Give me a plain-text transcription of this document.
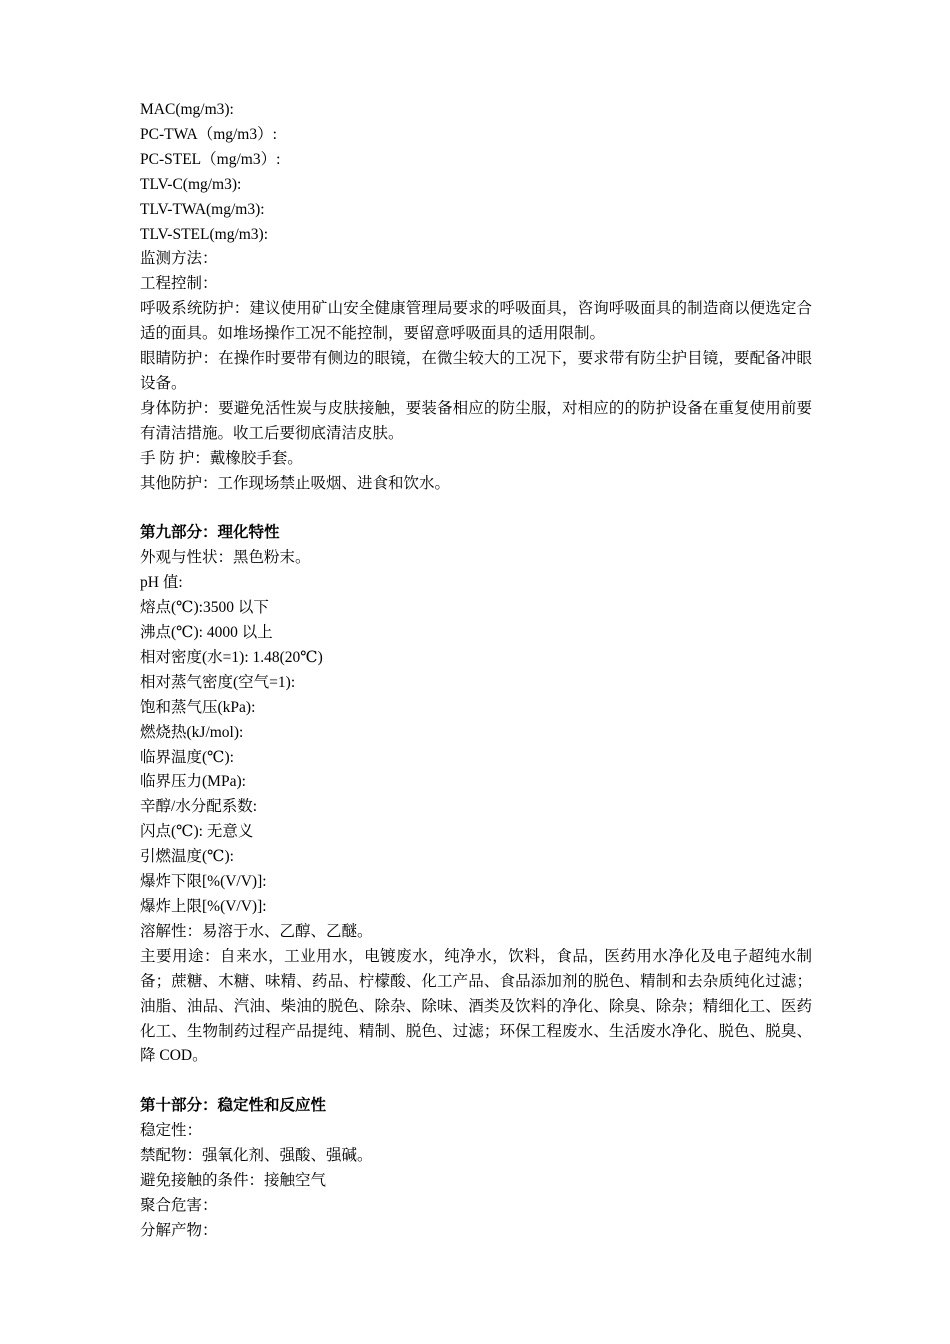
MAC(mg/m3):

PC-TWA（mg/m3）:

PC-STEL（mg/m3）:

TLV-C(mg/m3):

TLV-TWA(mg/m3):

TLV-STEL(mg/m3):

监测方法：

工程控制：

呼吸系统防护：建议使用矿山安全健康管理局要求的呼吸面具，咨询呼吸面具的制造商以便选定合适的面具。如堆场操作工况不能控制，要留意呼吸面具的适用限制。

眼睛防护：在操作时要带有侧边的眼镜，在微尘较大的工况下，要求带有防尘护目镜，要配备冲眼设备。

身体防护：要避免活性炭与皮肤接触，要装备相应的防尘服，对相应的的防护设备在重复使用前要有清洁措施。收工后要彻底清洁皮肤。

手 防 护：戴橡胶手套。

其他防护：工作现场禁止吸烟、进食和饮水。

第九部分：理化特性

外观与性状：黑色粉末。

pH 值:

熔点(℃):3500 以下

沸点(℃): 4000 以上

相对密度(水=1): 1.48(20℃)

相对蒸气密度(空气=1):

饱和蒸气压(kPa):

燃烧热(kJ/mol):

临界温度(℃):

临界压力(MPa):

辛醇/水分配系数:

闪点(℃): 无意义

引燃温度(℃):

爆炸下限[%(V/V)]:

爆炸上限[%(V/V)]:

溶解性：易溶于水、乙醇、乙醚。

主要用途：自来水，工业用水，电镀废水，纯净水，饮料，食品，医药用水净化及电子超纯水制备；蔗糖、木糖、味精、药品、柠檬酸、化工产品、食品添加剂的脱色、精制和去杂质纯化过滤；油脂、油品、汽油、柴油的脱色、除杂、除味、酒类及饮料的净化、除臭、除杂；精细化工、医药化工、生物制药过程产品提纯、精制、脱色、过滤；环保工程废水、生活废水净化、脱色、脱臭、降 COD。

第十部分：稳定性和反应性

稳定性：

禁配物：强氧化剂、强酸、强碱。

避免接触的条件：接触空气

聚合危害：

分解产物：
